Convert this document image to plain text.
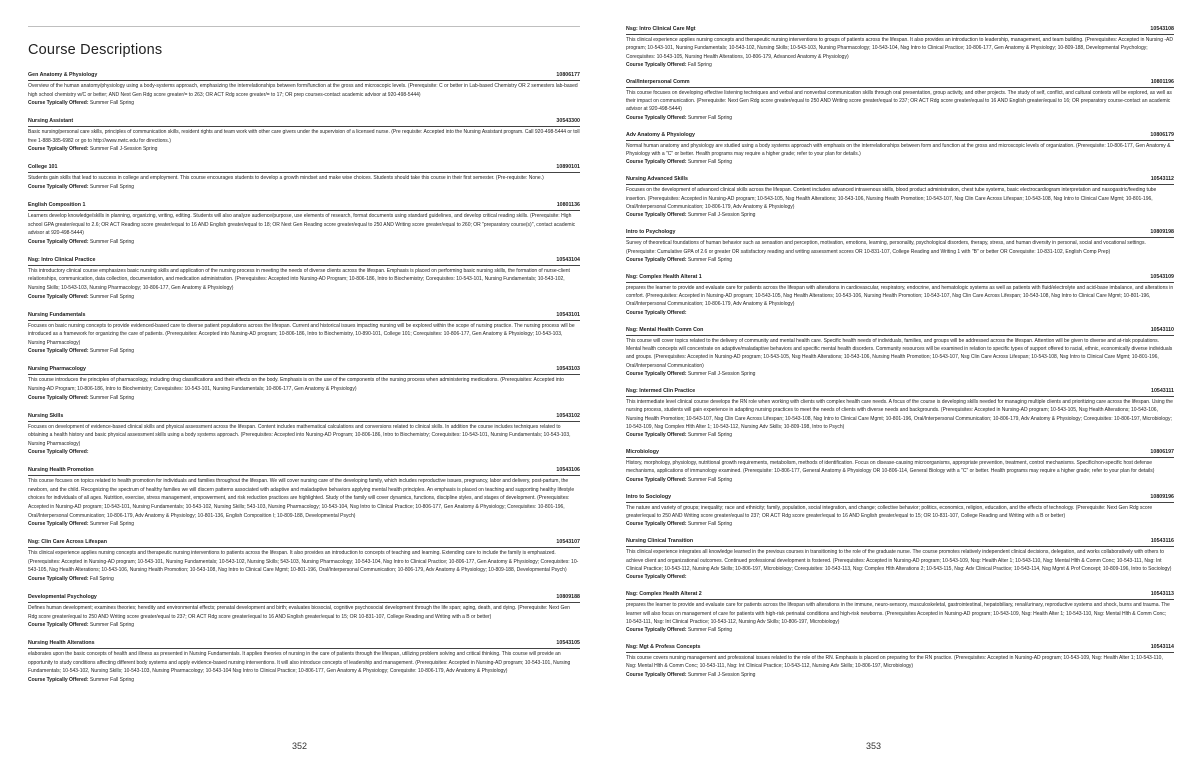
Course Descriptions
Gen Anatomy & Physiology	10806177
Overview of the human anatomy/physiology using a body-systems approach, emphasizing the interrelationships between form/function at the gross and microscopic levels. (Prerequisite: C or better in Lab-based Chemistry OR 2 semesters lab-based high school chemistry w/C or better; AND Next Gen Rdg score greater/= to 263; OR ACT Rdg score greater/= to 17; OR prep courses-contact academic advisor at 920-498-5444)
Course Typically Offered: Summer Fall Spring
Nursing Assistant	30543300
Basic nursing/personal care skills, principles of communication skills, resident rights and team work with other care givers under the supervision of a licensed nurse. (Pre requisite: Accepted into the Nursing Assistant program. Call 920-498-5444 or toll free 1-888-385-6982 or go to http://www.nwtc.edu for directions.)
Course Typically Offered: Summer Fall J-Session Spring
College 101	10890101
Students gain skills that lead to success in college and employment. This course encourages students to develop a growth mindset and make wise choices. Students should take this course in their first semester. (Pre-requisite: None.)
Course Typically Offered: Summer Fall Spring
English Composition 1	10801136
Learners develop knowledge/skills in planning, organizing, writing, editing. Students will also analyze audience/purpose, use elements of research, format documents using standard guidelines, and develop critical reading skills. (Prerequisite: High school GPA greater/equal to 2.6; OR ACT Reading score greater/equal to 16 AND English greater/equal to 18; OR Next Gen Reading score greater/equal to 250 AND Writing score greater/equal to 260; OR "preparatory course(s)", contact academic advisor at 920-498-5444)
Course Typically Offered: Summer Fall Spring
Nsg: Intro Clinical Practice	10543104
This introductory clinical course emphasizes basic nursing skills and application of the nursing process in meeting the needs of diverse clients across the lifespan. Emphasis is placed on performing basic nursing skills, the formation of nurse-client relationships, communication, data collection, documentation, and medication administration. (Prerequisites: Accepted into Nursing-AD Program; 10-806-186, Intro to Biochemistry; Corequisites: 10-543-101, Nursing Fundamentals; 10-543-102, Nursing Skills; 10-543-103, Nursing Pharmacology; 10-806-177, Gen Anatomy & Physiology)
Course Typically Offered: Summer Fall Spring
Nursing Fundamentals	10543101
Focuses on basic nursing concepts to provide evidenced-based care to diverse patient populations across the lifespan. Current and historical issues impacting nursing will be explored within the scope of nursing practice. The nursing process will be introduced as a framework for organizing the care of patients. (Prerequisites: Accepted into Nursing-AD program; 10-806-186, Intro to Biochemistry, 10-890-101, College 101; Corequisites: 10-806-177, Gen Anatomy & Physiology; 10-543-103, Nursing Pharmacology)
Course Typically Offered: Summer Fall Spring
Nursing Pharmacology	10543103
This course introduces the principles of pharmacology, including drug classifications and their effects on the body. Emphasis is on the use of the components of the nursing process when administering medications. (Prerequisites: Accepted into Nursing-AD Program; 10-806-186, Intro to Biochemistry; Corequisites: 10-543-101, Nursing Fundamentals; 10-806-177, Gen Anatomy & Physiology)
Course Typically Offered: Summer Fall Spring
Nursing Skills	10543102
Focuses on development of evidence-based clinical skills and physical assessment across the lifespan. Content includes mathematical calculations and conversions related to clinical skills. In addition the course includes techniques related to obtaining a health history and basic physical assessment skills using a body systems approach. (Prerequisites: Accepted into Nursing-AD Program; 10-806-186, Intro to Biochemistry; Corequisites: 10-543-101, Nursing Fundamentals; 10-543-103, Nursing Pharmacology)
Course Typically Offered:
Nursing Health Promotion	10543106
This course focuses on topics related to health promotion for individuals and families throughout the lifespan. We will cover nursing care of the developing family, which includes reproductive issues, pregnancy, labor and delivery, post-partum, the newborn, and the child. Recognizing the spectrum of healthy families we will discern patterns associated with adaptive and maladaptive behaviors applying mental health principles. An emphasis is placed on teaching and supporting healthy lifestyle choices for individuals of all ages. Nutrition, exercise, stress management, empowerment, and risk reduction practices are highlighted. Study of the family will cover dynamics, functions, discipline styles, and stages of development. (Prerequisites: Accepted in Nursing-AD program; 10-543-101, Nursing Fundamentals; 10-543-102, Nursing Skills; 543-103, Nursing Pharmacology; 10-543-104, Nsg Intro to Clinical Practice; 10-806-177, Gen Anatomy & Physiology; Corequisites: 10-801-196, Oral/Interpersonal Communication; 10-806-179, Adv Anatomy & Physiology; 10-801-136, English Composition I; 10-809-188, Developmental Psych)
Course Typically Offered: Summer Fall Spring
Nsg: Clin Care Across Lifespan	10543107
This clinical experience applies nursing concepts and therapeutic nursing interventions to patients across the lifespan. It also provides an introduction to concepts of teaching and learning. Extending care to include the family is emphasized. (Prerequisites: Accepted in Nursing-AD program; 10-543-101, Nursing Fundamentals; 10-543-102, Nursing Skills; 543-103, Nursing Pharmacology; 10-543-104, Nsg Intro to Clinical Practice; 10-806-177, Gen Anatomy & Physiology; Corequisites: 10-543-105, Nsg Health Alterations; 10-543-106, Nursing Health Promotion; 10-543-108, Nsg Intro to Clinical Care Mgmt; 10-801-196, Oral/Interpersonal Communication; 10-806-179, Adv Anatomy & Physiology; 10-809-188, Developmental Psych)
Course Typically Offered: Fall Spring
Developmental Psychology	10809188
Defines human development; examines theories; heredity and environmental effects; prenatal development and birth; evaluates biosocial, cognitive psychosocial development through the life span; aging, death, and dying. (Prerequisite: Next Gen Rdg score greater/equal to 250 AND Writing score greater/equal to 237; OR ACT Rdg score greater/equal to 16 AND English greater/equal to 15; OR 10-831-107, College Reading and Writing with a B or better)
Course Typically Offered: Summer Fall Spring
Nursing Health Alterations	10543105
elaborates upon the basic concepts of health and illness as presented in Nursing Fundamentals. It applies theories of nursing in the care of patients through the lifespan, utilizing problem solving and critical thinking. This course will provide an opportunity to study conditions affecting different body systems and apply evidence-based nursing interventions. It will also introduce concepts of leadership and management. (Prerequisites: Accepted in Nursing-AD program; 10-543-101, Nursing Fundamentals; 10-543-102, Nursing Skills; 10-543-103, Nursing Pharmacology; 10-543-104 Nsg Intro to Clinical Practice; 10-806-177, Gen Anatomy & Physiology; Corequisite: 10-806-179, Adv Anatomy & Physiology)
Course Typically Offered: Summer Fall Spring
352
Nsg: Intro Clinical Care Mgt	10543108
This clinical experience applies nursing concepts and therapeutic nursing interventions to groups of patients across the lifespan. It also provides an introduction to leadership, management, and team building. (Prerequisites: Accepted in Nursing -AD program; 10-543-101, Nursing Fundamentals; 10-543-102, Nursing Skills; 10-543-103, Nursing Pharmacology; 10-543-104, Nsg Intro to Clinical Practice; 10-806-177, Gen Anatomy & Physiology; 10-809-188, Developmental Psychology; Corequisites: 10-543-105, Nursing Health Alterations, 10-806-179, Advanced Anatomy & Physiology)
Course Typically Offered: Fall Spring
Oral/Interpersonal Comm	10801196
This course focuses on developing effective listening techniques and verbal and nonverbal communication skills through oral presentation, group activity, and other projects. The study of self, conflict, and cultural contexts will be explored, as well as their impact on communication. (Prerequisite: Next Gen Rdg score greater/equal to 250 AND Writing score greater/equal to 237; OR ACT Rdg score greater/equal to 16 AND English greater/equal to 16; OR preparatory course-contact an academic advisor at 920-498-5444)
Course Typically Offered: Summer Fall Spring
Adv Anatomy & Physiology	10806179
Normal human anatomy and physiology are studied using a body systems approach with emphasis on the interrelationships between form and function at the gross and microscopic levels of organization. (Prerequisite: 10-806-177, Gen Anatomy & Physiology with a "C" or better. Health programs may require a higher grade; refer to your plan for details.)
Course Typically Offered: Summer Fall Spring
Nursing Advanced Skills	10543112
Focuses on the development of advanced clinical skills across the lifespan. Content includes advanced intravenous skills, blood product administration, chest tube systems, basic electrocardiogram interpretation and nasogastric/feeding tube insertion. (Prerequisites: Accepted in Nursing-AD program; 10-543-105, Nsg Health Alterations; 10-543-106, Nursing Health Promotion; 10-543-107, Nsg Clin Care Across Lifespan; 10-543-108, Nsg Intro to Clinical Care Mgmt; 10-801-196, Oral/Interpersonal Communication; 10-806-179, Adv Anatomy & Physiology)
Course Typically Offered: Summer Fall J-Session Spring
Intro to Psychology	10809198
Survey of theoretical foundations of human behavior such as sensation and perception, motivation, emotions, learning, personality, psychological disorders, therapy, stress, and human diversity in personal, social and vocational settings. (Prerequisite: Cumulative GPA of 2.6 or greater OR satisfactory reading and writing assessment scores OR 10-831-107, College Reading and Writing 1 with "B" or better OR Corequisite: 10-831-102, English Comp Prep)
Course Typically Offered: Summer Fall Spring
Nsg: Complex Health Alterat 1	10543109
prepares the learner to provide and evaluate care for patients across the lifespan with alterations in cardiovascular, respiratory, endocrine, and hematologic systems as well as patients with fluid/electrolyte and acid-base imbalance, and alterations in comfort. (Prerequisites: Accepted in Nursing-AD program; 10-543-105, Nsg Health Alterations; 10-543-106, Nursing Health Promotion; 10-543-107, Nsg Clin Care Across Lifespan; 10-543-108, Nsg Intro to Clinical Care Mgmt; 10-801-196, Oral/Interpersonal Communication; 10-806-179, Adv Anatomy & Physiology)
Course Typically Offered:
Nsg: Mental Health Comm Con	10543110
This course will cover topics related to the delivery of community and mental health care. Specific health needs of individuals, families, and groups will be addressed across the lifespan. Attention will be given to diverse and at-risk populations. Mental health concepts will concentrate on adaptive/maladaptive behaviors and specific mental health disorders. Community resources will be examined in relation to specific types of support offered to racial, ethnic, economically diverse individuals and groups. (Prerequisites: Accepted in Nursing-AD program; 10-543-105, Nsg Health Alterations; 10-543-106, Nursing Health Promotion; 10-543-107, Nsg Clin Care Across Lifespan; 10-543-108, Nsg Intro to Clinical Care Mgmt; 10-801-196, Oral/Interpersonal Communication)
Course Typically Offered: Summer Fall J-Session Spring
Nsg: Intermed Clin Practice	10543111
This intermediate level clinical course develops the RN role when working with clients with complex health care needs. A focus of the course is developing skills needed for managing multiple clients and prioritizing care across the lifespan. Using the nursing process, students will gain experience in adapting nursing practices to meet the needs of clients with diverse needs and backgrounds. (Prerequisites: Accepted in Nursing-AD program; 10-543-105, Nsg Health Alterations; 10-543-106, Nursing Health Promotion; 10-543-107, Nsg Clin Care Across Lifespan; 10-543-108, Nsg Intro to Clinical Care Mgmt; 10-801-196, Oral/Interpersonal Communication; 10-806-179, Adv Anatomy & Physiology; Corequisites: 10-806-197, Microbiology; 10-543-109, Nsg Complex Hlth Alter 1; 10-543-112, Nursing Adv Skills; 10-809-198, Intro to Psych)
Course Typically Offered: Summer Fall Spring
Microbiology	10806197
History, morphology, physiology, nutritional growth requirements, metabolism, methods of identification. Focus on disease-causing microorganisms, appropriate prevention, treatment, control mechanisms. Specific/non-specific host defense mechanisms, applications of immunology examined. (Prerequisite: 10-806-177, General Anatomy & Physiology OR 10-806-114, General Biology with a "C" or better. Health programs may require a higher grade; refer to your plan for details)
Course Typically Offered: Summer Fall Spring
Intro to Sociology	10809196
The nature and variety of groups; inequality; race and ethnicity; family, population, social integration, and change; collective behavior; politics, economics, religion, education, and the effects of technology. (Prerequisite: Next Gen Rdg score greater/equal to 250 AND Writing score greater/equal to 237; OR ACT Rdg score greater/equal to 16 AND English greater/equal to 15; OR 10-831-107, College Reading and Writing with a B or better)
Course Typically Offered: Summer Fall Spring
Nursing Clinical Transition	10543116
This clinical experience integrates all knowledge learned in the previous courses in transitioning to the role of the graduate nurse. The course promotes relatively independent clinical decisions, delegation, and works collaboratively with others to achieve client and organizational outcomes. Continued professional development is fostered. (Prerequisites: Accepted in Nursing-AD program; 10-543-109, Nsg: Health Alter 1; 10-543-110, Nsg: Mental Hlth & Comm Conc; 10-543-111, Nsg: Int Clinical Practice; 10-543-112, Nursing Adv Skills; 10-806-197, Microbiology; Corequisites: 10-543-113, Nsg: Complex Hlth Alterations 2; 10-543-115, Nsg: Adv Clinical Practice; 10-543-114, Nsg Mgmt & Prof Concept; 10-809-196, Intro to Sociology)
Course Typically Offered:
Nsg: Complex Health Alterat 2	10543113
prepares the learner to provide and evaluate care for patients across the lifespan with alterations in the immune, neuro-sensory, musculoskeletal, gastrointestinal, hepatobiliary, renal/urinary, reproductive systems and shock, burns and trauma. The learner will also focus on management of care for patients with high-risk perinatal conditions and high-risk newborns. (Prerequisites Accepted in Nursing-AD program; 10-543-109, Nsg: Health Alter 1; 10-543-110, Nsg: Mental Hlth & Comm Conc; 10-543-111, Nsg: Int Clinical Practice; 10-543-112, Nursing Adv Skills; 10-806-197, Microbiology)
Course Typically Offered: Summer Fall Spring
Nsg: Mgt & Profess Concepts	10543114
This course covers nursing management and professional issues related to the role of the RN. Emphasis is placed on preparing for the RN practice. (Prerequisites: Accepted in Nursing-AD program; 10-543-109, Nsg: Health Alter 1; 10-543-110, Nsg: Mental Hlth & Comm Conc; 10-543-111, Nsg: Int Clinical Practice; 10-543-112, Nursing Adv Skills; 10-806-197, Microbiology)
Course Typically Offered: Summer Fall J-Session Spring
353
